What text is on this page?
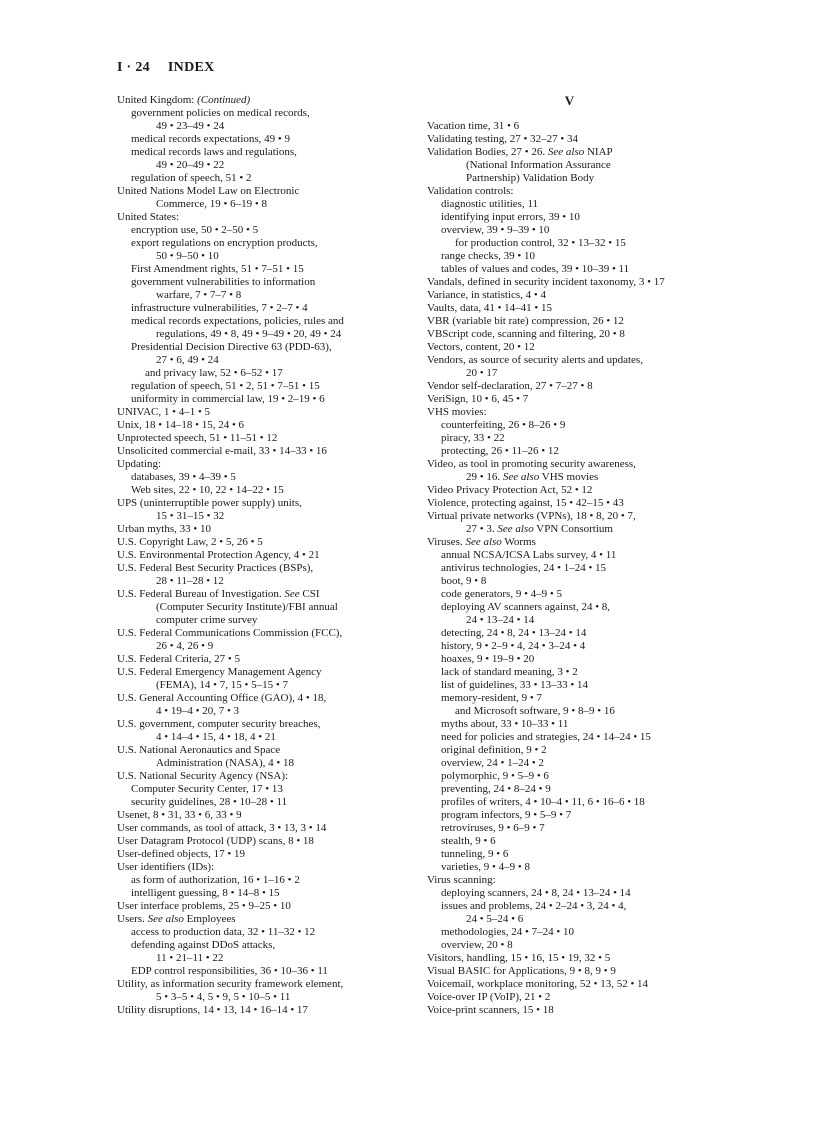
I · 24 INDEX

United Kingdom: (Continued)

government policies on medical records,

49 • 23–49 • 24

medical records expectations, 49 • 9

medical records laws and regulations,

49 • 20–49 • 22

regulation of speech, 51 • 2

United Nations Model Law on Electronic

Commerce, 19 • 6–19 • 8

United States:

encryption use, 50 • 2–50 • 5

export regulations on encryption products,

50 • 9–50 • 10

First Amendment rights, 51 • 7–51 • 15

government vulnerabilities to information

warfare, 7 • 7–7 • 8

infrastructure vulnerabilities, 7 • 2–7 • 4

medical records expectations, policies, rules and

regulations, 49 • 8, 49 • 9–49 • 20, 49 • 24

Presidential Decision Directive 63 (PDD-63),

27 • 6, 49 • 24

and privacy law, 52 • 6–52 • 17

regulation of speech, 51 • 2, 51 • 7–51 • 15

uniformity in commercial law, 19 • 2–19 • 6

UNIVAC, 1 • 4–1 • 5

Unix, 18 • 14–18 • 15, 24 • 6

Unprotected speech, 51 • 11–51 • 12

Unsolicited commercial e-mail, 33 • 14–33 • 16

Updating:

databases, 39 • 4–39 • 5

Web sites, 22 • 10, 22 • 14–22 • 15

UPS (uninterruptible power supply) units,

15 • 31–15 • 32

Urban myths, 33 • 10

U.S. Copyright Law, 2 • 5, 26 • 5

U.S. Environmental Protection Agency, 4 • 21

U.S. Federal Best Security Practices (BSPs),

28 • 11–28 • 12

U.S. Federal Bureau of Investigation. See CSI

(Computer Security Institute)/FBI annual

computer crime survey

U.S. Federal Communications Commission (FCC),

26 • 4, 26 • 9

U.S. Federal Criteria, 27 • 5

U.S. Federal Emergency Management Agency

(FEMA), 14 • 7, 15 • 5–15 • 7

U.S. General Accounting Office (GAO), 4 • 18,

4 • 19–4 • 20, 7 • 3

U.S. government, computer security breaches,

4 • 14–4 • 15, 4 • 18, 4 • 21

U.S. National Aeronautics and Space

Administration (NASA), 4 • 18

U.S. National Security Agency (NSA):

Computer Security Center, 17 • 13

security guidelines, 28 • 10–28 • 11

Usenet, 8 • 31, 33 • 6, 33 • 9

User commands, as tool of attack, 3 • 13, 3 • 14

User Datagram Protocol (UDP) scans, 8 • 18

User-defined objects, 17 • 19

User identifiers (IDs):

as form of authorization, 16 • 1–16 • 2

intelligent guessing, 8 • 14–8 • 15

User interface problems, 25 • 9–25 • 10

Users. See also Employees

access to production data, 32 • 11–32 • 12

defending against DDoS attacks,

11 • 21–11 • 22

EDP control responsibilities, 36 • 10–36 • 11

Utility, as information security framework element,

5 • 3–5 • 4, 5 • 9, 5 • 10–5 • 11

Utility disruptions, 14 • 13, 14 • 16–14 • 17

V

Vacation time, 31 • 6

Validating testing, 27 • 32–27 • 34

Validation Bodies, 27 • 26. See also NIAP

(National Information Assurance

Partnership) Validation Body

Validation controls:

diagnostic utilities, 11

identifying input errors, 39 • 10

overview, 39 • 9–39 • 10

for production control, 32 • 13–32 • 15

range checks, 39 • 10

tables of values and codes, 39 • 10–39 • 11

Vandals, defined in security incident taxonomy, 3 • 17

Variance, in statistics, 4 • 4

Vaults, data, 41 • 14–41 • 15

VBR (variable bit rate) compression, 26 • 12

VBScript code, scanning and filtering, 20 • 8

Vectors, content, 20 • 12

Vendors, as source of security alerts and updates,

20 • 17

Vendor self-declaration, 27 • 7–27 • 8

VeriSign, 10 • 6, 45 • 7

VHS movies:

counterfeiting, 26 • 8–26 • 9

piracy, 33 • 22

protecting, 26 • 11–26 • 12

Video, as tool in promoting security awareness,

29 • 16. See also VHS movies

Video Privacy Protection Act, 52 • 12

Violence, protecting against, 15 • 42–15 • 43

Virtual private networks (VPNs), 18 • 8, 20 • 7,

27 • 3. See also VPN Consortium

Viruses. See also Worms

annual NCSA/ICSA Labs survey, 4 • 11

antivirus technologies, 24 • 1–24 • 15

boot, 9 • 8

code generators, 9 • 4–9 • 5

deploying AV scanners against, 24 • 8,

24 • 13–24 • 14

detecting, 24 • 8, 24 • 13–24 • 14

history, 9 • 2–9 • 4, 24 • 3–24 • 4

hoaxes, 9 • 19–9 • 20

lack of standard meaning, 3 • 2

list of guidelines, 33 • 13–33 • 14

memory-resident, 9 • 7

and Microsoft software, 9 • 8–9 • 16

myths about, 33 • 10–33 • 11

need for policies and strategies, 24 • 14–24 • 15

original definition, 9 • 2

overview, 24 • 1–24 • 2

polymorphic, 9 • 5–9 • 6

preventing, 24 • 8–24 • 9

profiles of writers, 4 • 10–4 • 11, 6 • 16–6 • 18

program infectors, 9 • 5–9 • 7

retroviruses, 9 • 6–9 • 7

stealth, 9 • 6

tunneling, 9 • 6

varieties, 9 • 4–9 • 8

Virus scanning:

deploying scanners, 24 • 8, 24 • 13–24 • 14

issues and problems, 24 • 2–24 • 3, 24 • 4,

24 • 5–24 • 6

methodologies, 24 • 7–24 • 10

overview, 20 • 8

Visitors, handling, 15 • 16, 15 • 19, 32 • 5

Visual BASIC for Applications, 9 • 8, 9 • 9

Voicemail, workplace monitoring, 52 • 13, 52 • 14

Voice-over IP (VoIP), 21 • 2

Voice-print scanners, 15 • 18
